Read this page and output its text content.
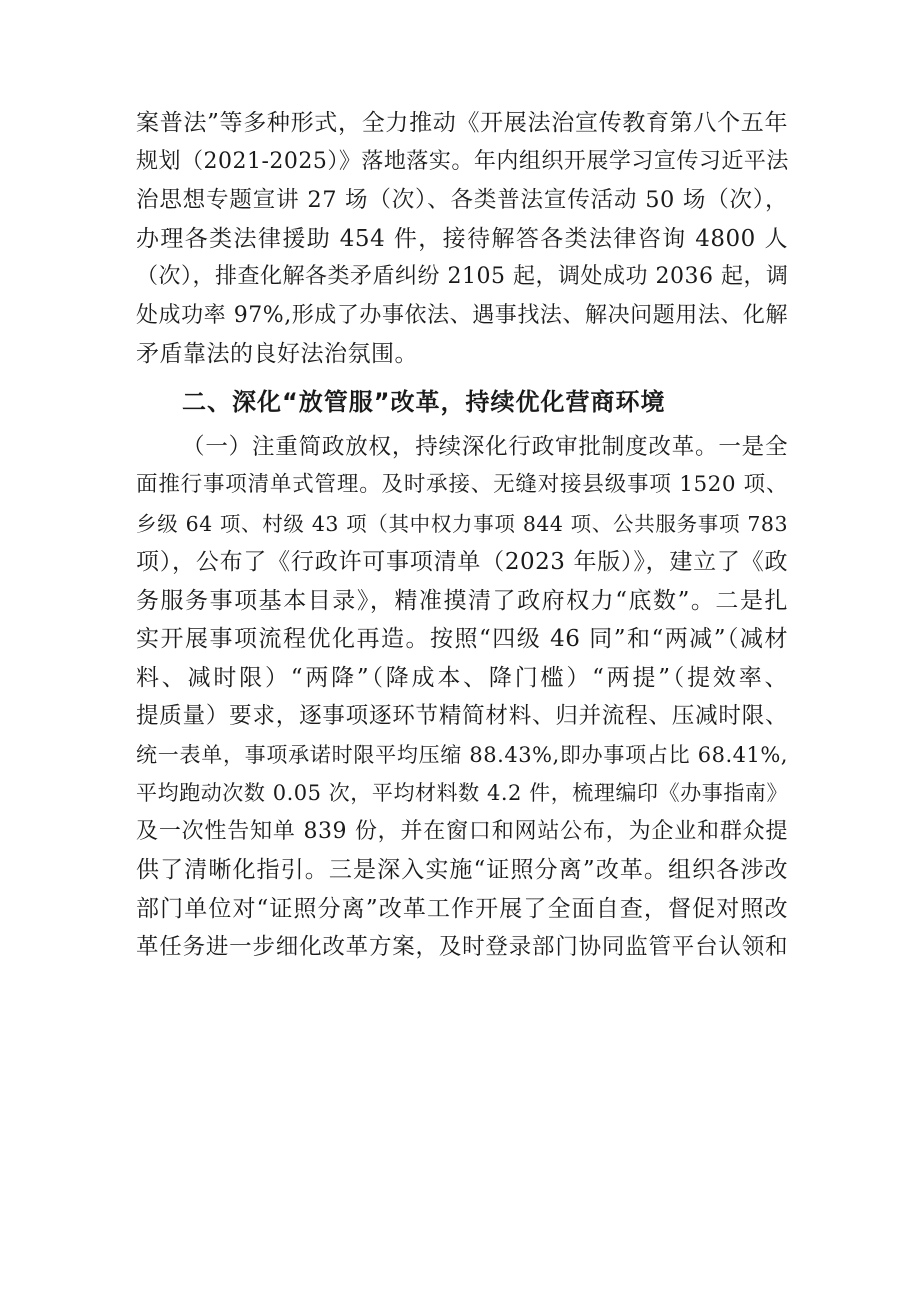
案普法”等多种形式，全力推动《开展法治宣传教育第八个五年

规划（2021-2025）》落地落实。年内组织开展学习宣传习近平法

治思想专题宣讲 27 场（次）、各类普法宣传活动 50 场（次），

办理各类法律援助 454 件，接待解答各类法律咨询 4800 人

（次），排查化解各类矛盾纠纷 2105 起，调处成功 2036 起，调

处成功率 97%,形成了办事依法、遇事找法、解决问题用法、化解

矛盾靠法的良好法治氛围。

二、深化“放管服”改革，持续优化营商环境

（一）注重简政放权，持续深化行政审批制度改革。一是全

面推行事项清单式管理。及时承接、无缝对接县级事项 1520 项、

乡级 64 项、村级 43 项（其中权力事项 844 项、公共服务事项 783

项），公布了《行政许可事项清单（2023 年版）》，建立了《政

务服务事项基本目录》，精准摸清了政府权力“底数”。二是扎

实开展事项流程优化再造。按照“四级 46 同”和“两减”（减材

料、减时限）“两降”（降成本、降门槛）“两提”（提效率、

提质量）要求，逐事项逐环节精简材料、归并流程、压减时限、

统一表单，事项承诺时限平均压缩 88.43%,即办事项占比 68.41%,

平均跑动次数 0.05 次，平均材料数 4.2 件，梳理编印《办事指南》

及一次性告知单 839 份，并在窗口和网站公布，为企业和群众提

供了清晰化指引。三是深入实施“证照分离”改革。组织各涉改

部门单位对“证照分离”改革工作开展了全面自查，督促对照改

革任务进一步细化改革方案，及时登录部门协同监管平台认领和
